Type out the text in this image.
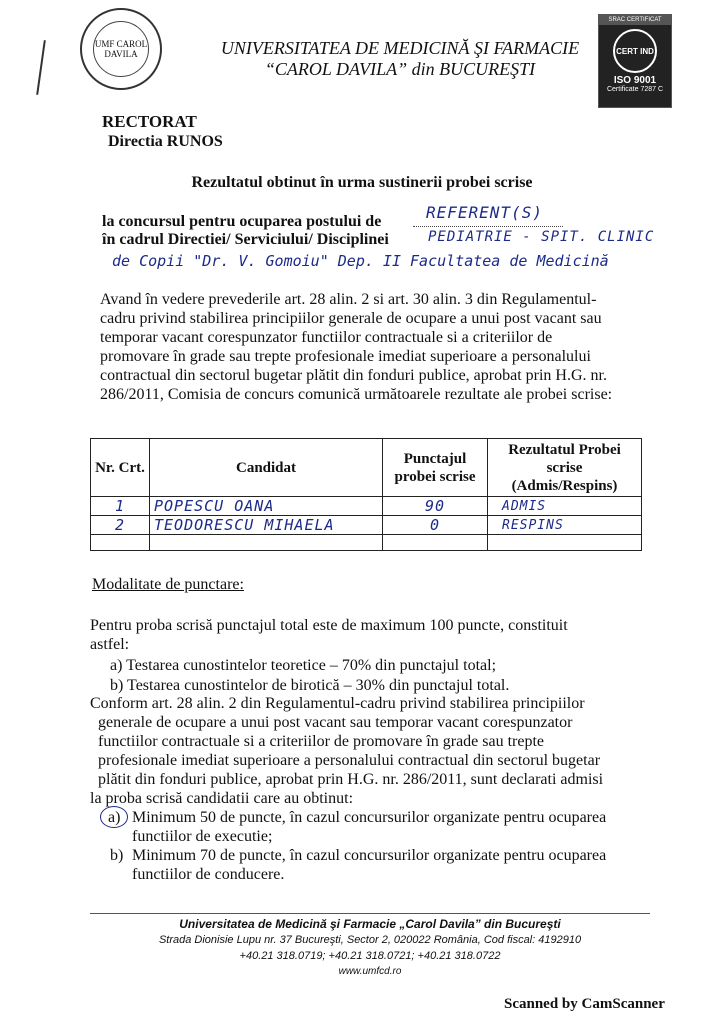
UMF CAROL DAVILA	UNIVERSITATEA DE MEDICINĂ ŞI FARMACIE
“CAROL DAVILA” din BUCUREŞTI
SRAC CERTIFICAT
CERT IND
ISO 9001
Certificate 7287 C
RECTORAT
Directia RUNOS
Rezultatul obtinut în urma sustinerii probei scrise
la concursul pentru ocuparea postului de	REFERENT(S)
în cadrul Directiei/ Serviciului/ Disciplinei	PEDIATRIE - SPIT. CLINIC
de Copii "Dr. V. Gomoiu" Dep. II Facultatea de Medicină
Avand în vedere prevederile art. 28 alin. 2 si art. 30 alin. 3 din Regulamentul-
cadru privind stabilirea principiilor generale de ocupare a unui post vacant sau
temporar vacant corespunzator functiilor contractuale si a criteriilor de
promovare în grade sau trepte profesionale imediat superioare a personalului
contractual din sectorul bugetar plătit din fonduri publice, aprobat prin H.G. nr.
286/2011, Comisia de concurs comunică următoarele rezultate ale probei scrise:
Nr. Crt.	Candidat	Punctajul probei scrise	Rezultatul Probei scrise (Admis/Respins)
1	POPESCU OANA	90	ADMIS
2	TEODORESCU MIHAELA	0	RESPINS

Modalitate de punctare:
Pentru proba scrisă punctajul total este de maximum 100 puncte, constituit
astfel:
a) Testarea cunostintelor teoretice – 70% din punctajul total;
b) Testarea cunostintelor de birotică – 30% din punctajul total.
Conform art. 28 alin. 2 din Regulamentul-cadru privind stabilirea principiilor
generale de ocupare a unui post vacant sau temporar vacant corespunzator
functiilor contractuale si a criteriilor de promovare în grade sau trepte
profesionale imediat superioare a personalului contractual din sectorul bugetar
plătit din fonduri publice, aprobat prin H.G. nr. 286/2011, sunt declarati admisi
la proba scrisă candidatii care au obtinut:
a) Minimum 50 de puncte, în cazul concursurilor organizate pentru ocuparea
functiilor de executie;
b) Minimum 70 de puncte, în cazul concursurilor organizate pentru ocuparea
functiilor de conducere.
Universitatea de Medicină şi Farmacie „Carol Davila” din Bucureşti
Strada Dionisie Lupu nr. 37 Bucureşti, Sector 2, 020022 România, Cod fiscal: 4192910
+40.21 318.0719; +40.21 318.0721; +40.21 318.0722
www.umfcd.ro
Scanned by CamScanner
